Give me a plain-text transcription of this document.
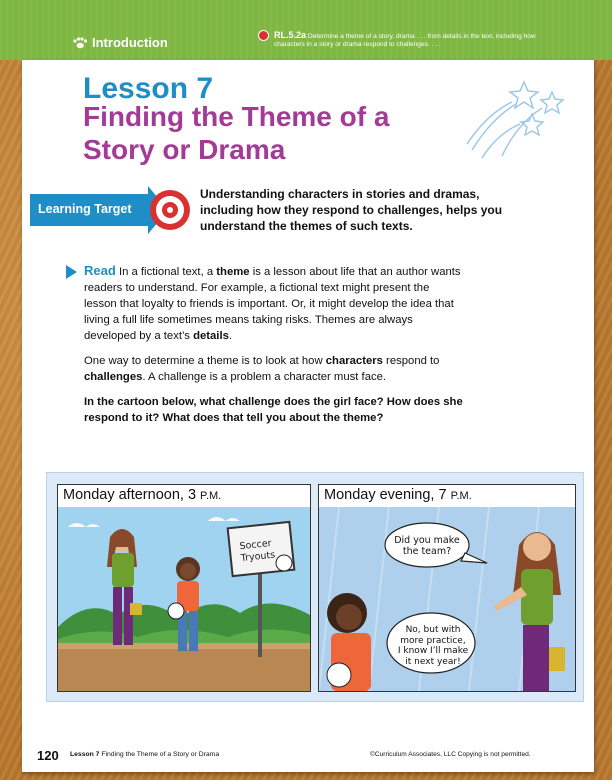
Introduction	RL.5.2a Determine a theme of a story, drama . . . from details in the text, including how
characters in a story or drama respond to challenges. . . .
Lesson 7
Finding the Theme of a
Story or Drama
Learning Target
Understanding characters in stories and dramas,
including how they respond to challenges, helps you
understand the themes of such texts.

Read In a fictional text, a theme is a lesson about life that an author wants readers to understand. For example, a fictional text might present the lesson that loyalty to friends is important. Or, it might develop the idea that living a full life sometimes means taking risks. Themes are always developed by a text’s details.

One way to determine a theme is to look at how characters respond to challenges. A challenge is a problem a character must face.

In the cartoon below, what challenge does the girl face? How does she respond to it? What does that tell you about the theme?

Monday afternoon, 3 P.M.
Soccer
Tryouts
Monday evening, 7 P.M.
Did you make
the team?
No, but with
more practice,
I know I’ll make
it next year!
120 Lesson 7 Finding the Theme of a Story or Drama	©Curriculum Associates, LLC Copying is not permitted.
